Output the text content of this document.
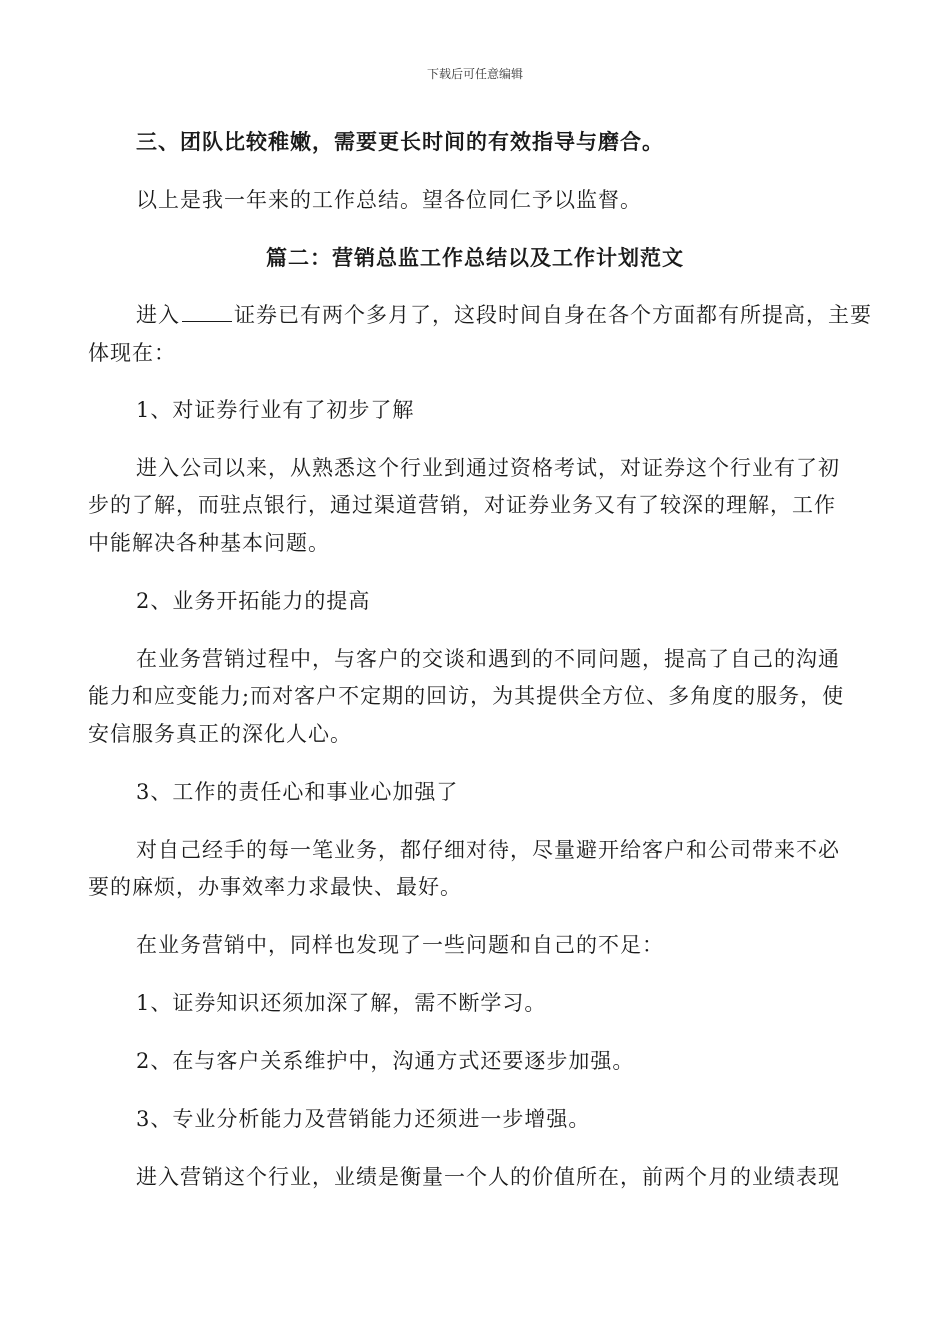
下载后可任意编辑
三、团队比较稚嫩，需要更长时间的有效指导与磨合。
以上是我一年来的工作总结。望各位同仁予以监督。
篇二：营销总监工作总结以及工作计划范文
进入	证券已有两个多月了，这段时间自身在各个方面都有所提高，主要
体现在：
1、对证券行业有了初步了解
进入公司以来，从熟悉这个行业到通过资格考试，对证券这个行业有了初
步的了解，而驻点银行，通过渠道营销，对证券业务又有了较深的理解，工作
中能解决各种基本问题。
2、业务开拓能力的提高
在业务营销过程中，与客户的交谈和遇到的不同问题，提高了自己的沟通
能力和应变能力;而对客户不定期的回访，为其提供全方位、多角度的服务，使
安信服务真正的深化人心。
3、工作的责任心和事业心加强了
对自己经手的每一笔业务，都仔细对待，尽量避开给客户和公司带来不必
要的麻烦，办事效率力求最快、最好。
在业务营销中，同样也发现了一些问题和自己的不足：
1、证券知识还须加深了解，需不断学习。
2、在与客户关系维护中，沟通方式还要逐步加强。
3、专业分析能力及营销能力还须进一步增强。
进入营销这个行业，业绩是衡量一个人的价值所在，前两个月的业绩表现
